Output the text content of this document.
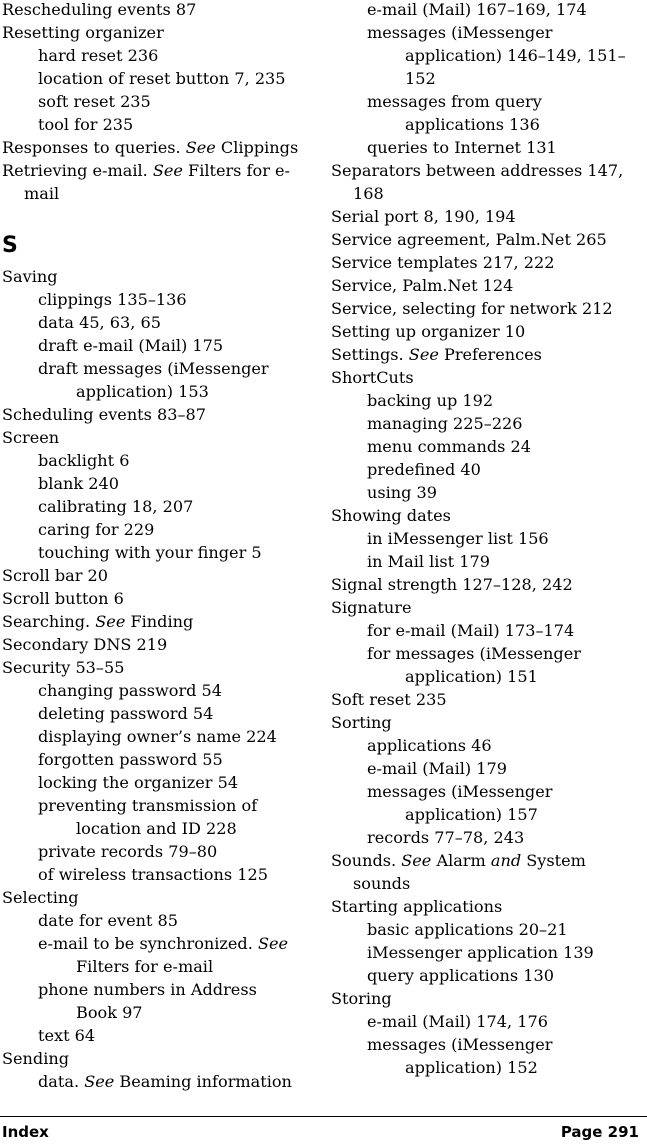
Rescheduling events 87
Resetting organizer
hard reset 236
location of reset button 7, 235
soft reset 235
tool for 235
Responses to queries. See Clippings
Retrieving e-mail. See Filters for e-mail
S
Saving
clippings 135–136
data 45, 63, 65
draft e-mail (Mail) 175
draft messages (iMessenger application) 153
Scheduling events 83–87
Screen
backlight 6
blank 240
calibrating 18, 207
caring for 229
touching with your finger 5
Scroll bar 20
Scroll button 6
Searching. See Finding
Secondary DNS 219
Security 53–55
changing password 54
deleting password 54
displaying owner’s name 224
forgotten password 55
locking the organizer 54
preventing transmission of location and ID 228
private records 79–80
of wireless transactions 125
Selecting
date for event 85
e-mail to be synchronized. See Filters for e-mail
phone numbers in Address Book 97
text 64
Sending
data. See Beaming information
e-mail (Mail) 167–169, 174
messages (iMessenger application) 146–149, 151–152
messages from query applications 136
queries to Internet 131
Separators between addresses 147, 168
Serial port 8, 190, 194
Service agreement, Palm.Net 265
Service templates 217, 222
Service, Palm.Net 124
Service, selecting for network 212
Setting up organizer 10
Settings. See Preferences
ShortCuts
backing up 192
managing 225–226
menu commands 24
predefined 40
using 39
Showing dates
in iMessenger list 156
in Mail list 179
Signal strength 127–128, 242
Signature
for e-mail (Mail) 173–174
for messages (iMessenger application) 151
Soft reset 235
Sorting
applications 46
e-mail (Mail) 179
messages (iMessenger application) 157
records 77–78, 243
Sounds. See Alarm and System sounds
Starting applications
basic applications 20–21
iMessenger application 139
query applications 130
Storing
e-mail (Mail) 174, 176
messages (iMessenger application) 152
Index	Page 291
